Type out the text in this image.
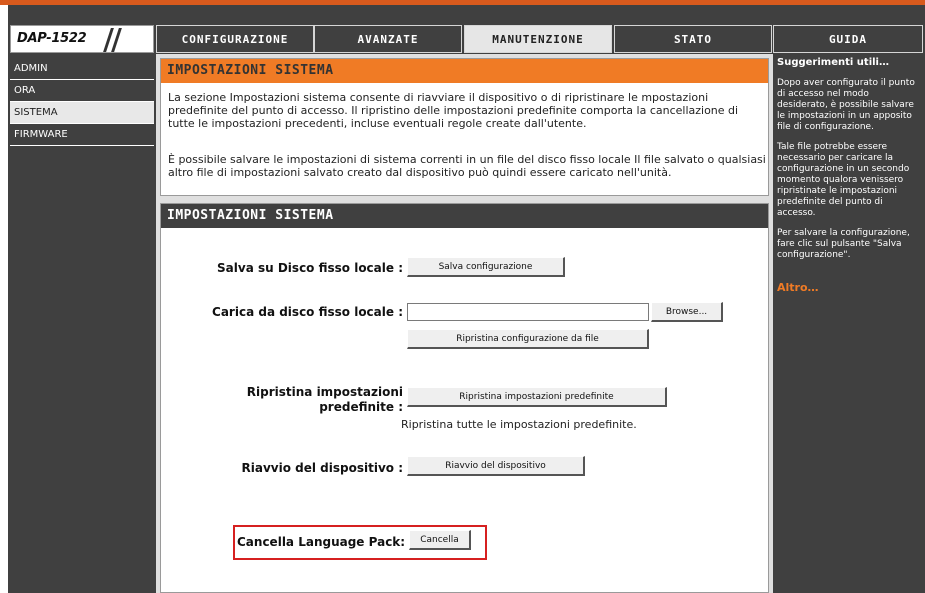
DAP-1522	CONFIGURAZIONE	AVANZATE	MANUTENZIONE	STATO	GUIDA
ADMIN
ORA
SISTEMA
FIRMWARE
IMPOSTAZIONI SISTEMA
La sezione Impostazioni sistema consente di riavviare il dispositivo o di ripristinare le mpostazioni predefinite del punto di accesso. Il ripristino delle impostazioni predefinite comporta la cancellazione di tutte le impostazioni precedenti, incluse eventuali regole create dall'utente.
È possibile salvare le impostazioni di sistema correnti in un file del disco fisso locale Il file salvato o qualsiasi altro file di impostazioni salvato creato dal dispositivo può quindi essere caricato nell'unità.
IMPOSTAZIONI SISTEMA
Salva su Disco fisso locale :	Salva configurazione
Carica da disco fisso locale :	Browse...
Ripristina configurazione da file
Ripristina impostazioni
predefinite :
Ripristina impostazioni predefinite
Ripristina tutte le impostazioni predefinite.
Riavvio del dispositivo :	Riavvio del dispositivo
Cancella Language Pack:	Cancella
Suggerimenti utili…
Dopo aver configurato il punto di accesso nel modo desiderato, è possibile salvare le impostazioni in un apposito file di configurazione.
Tale file potrebbe essere necessario per caricare la configurazione in un secondo momento qualora venissero ripristinate le impostazioni predefinite del punto di accesso.
Per salvare la configurazione, fare clic sul pulsante "Salva configurazione".
Altro…
